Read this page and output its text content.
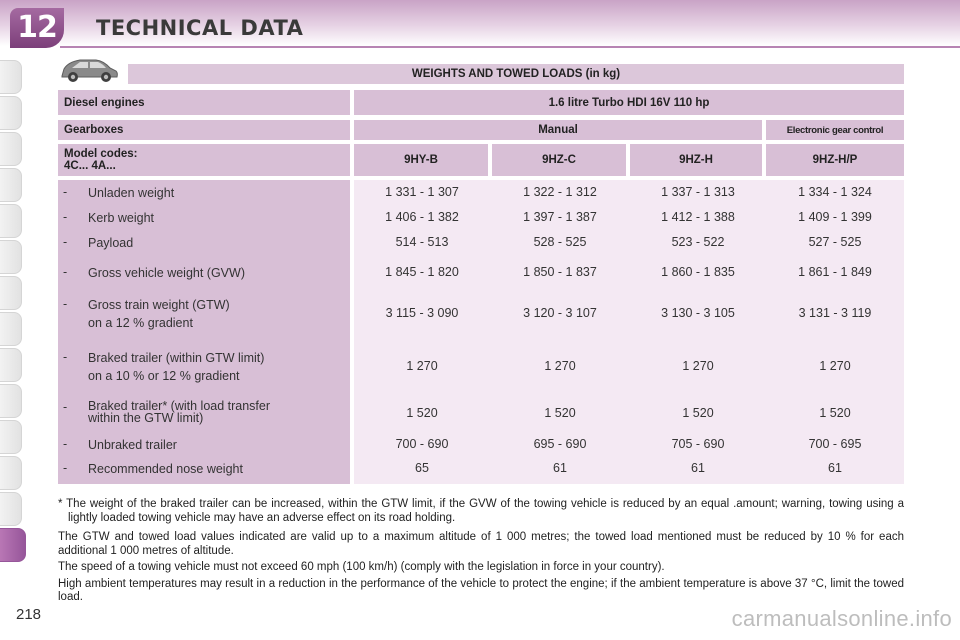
12	TECHNICAL DATA
WEIGHTS AND TOWED LOADS (in kg)
Diesel engines	1.6 litre Turbo HDI 16V 110 hp
Gearboxes	Manual	Electronic gear control
Model codes:
4C... 4A...	9HY-B	9HZ-C	9HZ-H	9HZ-H/P
- Unladen weight	1 331 - 1 307	1 322 - 1 312	1 337 - 1 313	1 334 - 1 324
- Kerb weight	1 406 - 1 382	1 397 - 1 387	1 412 - 1 388	1 409 - 1 399
- Payload	514 - 513	528 - 525	523 - 522	527 - 525
- Gross vehicle weight (GVW)	1 845 - 1 820	1 850 - 1 837	1 860 - 1 835	1 861 - 1 849
- Gross train weight (GTW)
on a 12 % gradient
3 115 - 3 090	3 120 - 3 107	3 130 - 3 105	3 131 - 3 119
- Braked trailer (within GTW limit)
on a 10 % or 12 % gradient
1 270	1 270	1 270	1 270
- Braked trailer* (with load transfer
within the GTW limit)	1 520	1 520	1 520	1 520
- Unbraked trailer	700 - 690	695 - 690	705 - 690	700 - 695
- Recommended nose weight	65	61	61	61

* The weight of the braked trailer can be increased, within the GTW limit, if the GVW of the towing vehicle is reduced by an equal .amount; warning, towing using a lightly loaded towing vehicle may have an adverse effect on its road holding.

The GTW and towed load values indicated are valid up to a maximum altitude of 1 000 metres; the towed load mentioned must be reduced by 10 % for each additional 1 000 metres of altitude.

The speed of a towing vehicle must not exceed 60 mph (100 km/h) (comply with the legislation in force in your country).

High ambient temperatures may result in a reduction in the performance of the vehicle to protect the engine; if the ambient temperature is above 37 °C, limit the towed load.

218	carmanualsonline.info
